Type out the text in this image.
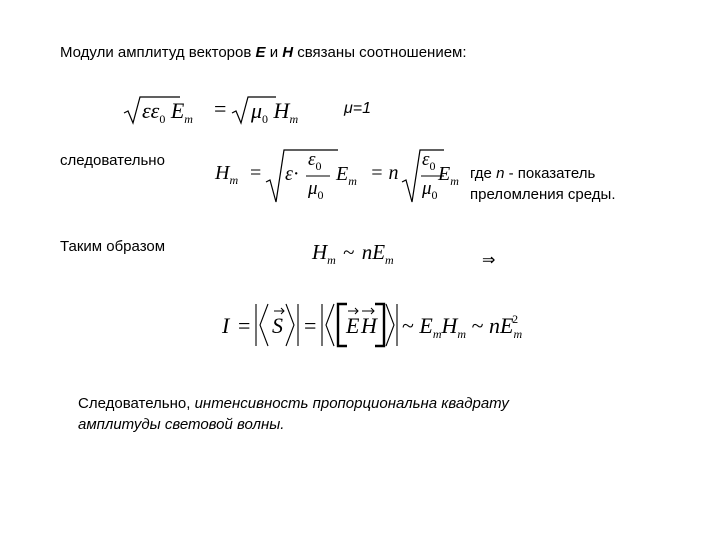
Модули амплитуд векторов E и H связаны соотношением:
$\varepsilon\varepsilon_0$ $E_m = \mu_0$ $H_m$
μ=1
следовательно
$H_m = \varepsilon\cdot$
$\varepsilon_0$
$\mu_0$
$E_m = n$
$\varepsilon_0$
$\mu_0$
$E_m$ где n - показатель
преломления среды.
Таким образом	$H_m$ ~ $nE_m$	⇒
I = S = E H ~ $E_mH_m$ ~ $nE_m^2$
Следовательно, интенсивность пропорциональна квадрату
амплитуды световой волны.
